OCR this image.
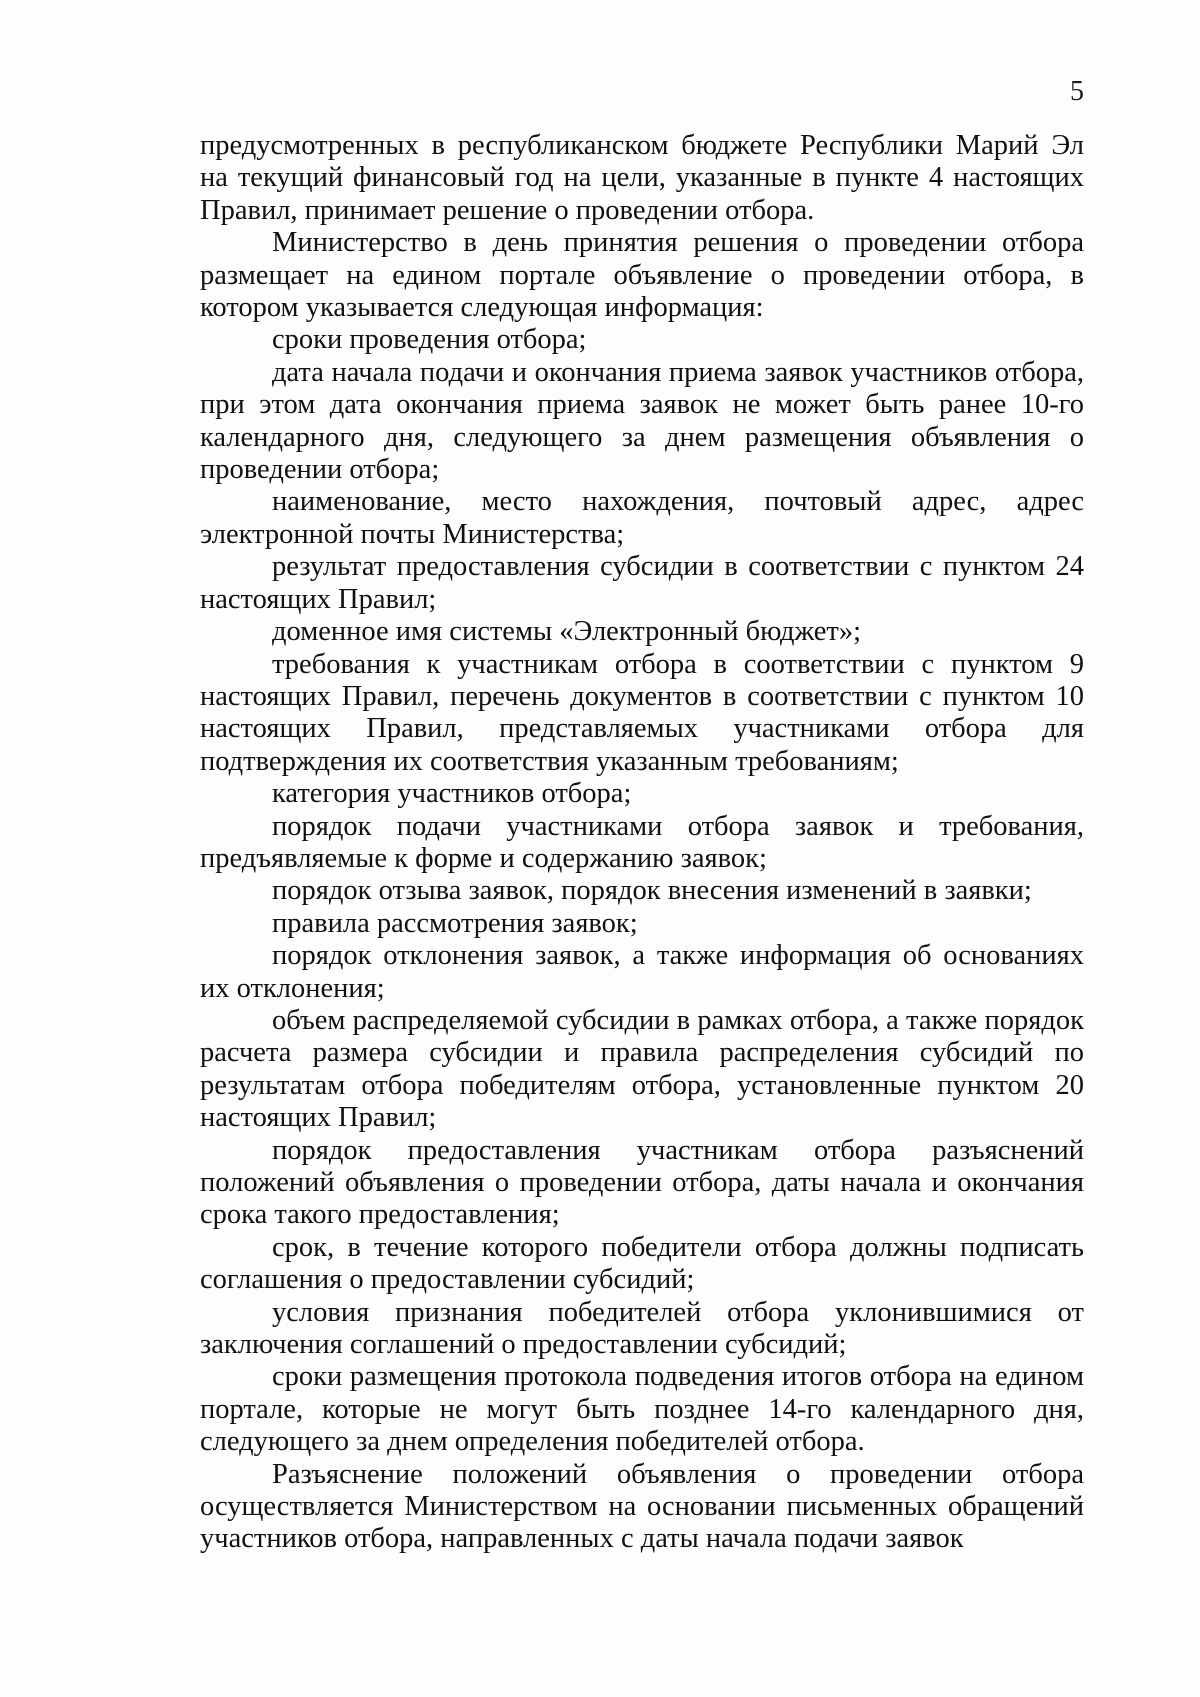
5

предусмотренных в республиканском бюджете Республики Марий Эл на текущий финансовый год на цели, указанные в пункте 4 настоящих Правил, принимает решение о проведении отбора.

Министерство в день принятия решения о проведении отбора размещает на едином портале объявление о проведении отбора, в котором указывается следующая информация:

сроки проведения отбора;

дата начала подачи и окончания приема заявок участников отбора, при этом дата окончания приема заявок не может быть ранее 10-го календарного дня, следующего за днем размещения объявления о проведении отбора;

наименование, место нахождения, почтовый адрес, адрес электронной почты Министерства;

результат предоставления субсидии в соответствии с пунктом 24 настоящих Правил;

доменное имя системы «Электронный бюджет»;

требования к участникам отбора в соответствии с пунктом 9 настоящих Правил, перечень документов в соответствии с пунктом 10 настоящих Правил, представляемых участниками отбора для подтверждения их соответствия указанным требованиям;

категория участников отбора;

порядок подачи участниками отбора заявок и требования, предъявляемые к форме и содержанию заявок;

порядок отзыва заявок, порядок внесения изменений в заявки;

правила рассмотрения заявок;

порядок отклонения заявок, а также информация об основаниях их отклонения;

объем распределяемой субсидии в рамках отбора, а также порядок расчета размера субсидии и правила распределения субсидий по результатам отбора победителям отбора, установленные пунктом 20 настоящих Правил;

порядок предоставления участникам отбора разъяснений положений объявления о проведении отбора, даты начала и окончания срока такого предоставления;

срок, в течение которого победители отбора должны подписать соглашения о предоставлении субсидий;

условия признания победителей отбора уклонившимися от заключения соглашений о предоставлении субсидий;

сроки размещения протокола подведения итогов отбора на едином портале, которые не могут быть позднее 14-го календарного дня, следующего за днем определения победителей отбора.

Разъяснение положений объявления о проведении отбора осуществляется Министерством на основании письменных обращений участников отбора, направленных с даты начала подачи заявок
